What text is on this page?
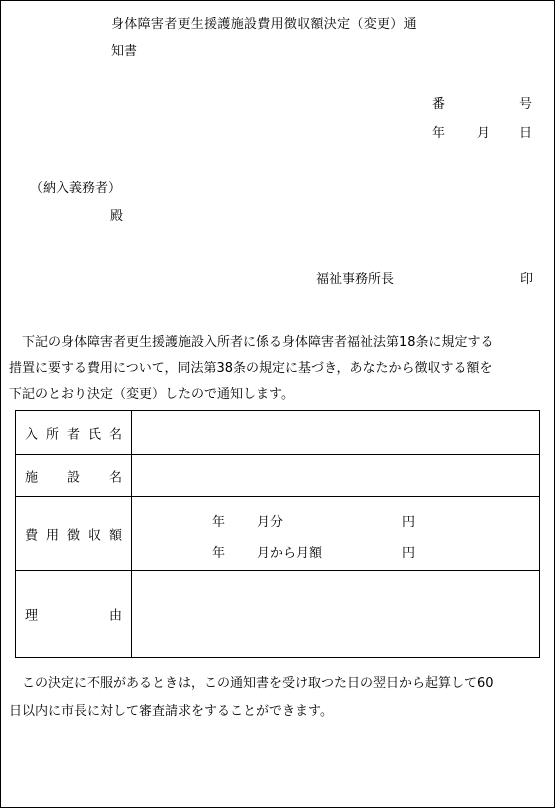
身体障害者更生援護施設費用徴収額決定（変更）通
知書
番	号
年 月 日
（納入義務者）
殿
福祉事務所長	印
　下記の身体障害者更生援護施設入所者に係る身体障害者福祉法第18条に規定する
措置に要する費用について，同法第38条の規定に基づき，あなたから徴収する額を
下記のとおり決定（変更）したので通知します。
入 所 者 氏 名
施 設 名
費 用 徴 収 額
年 月分	円
年 月から月額	円
理	由
　この決定に不服があるときは，この通知書を受け取つた日の翌日から起算して60
日以内に市長に対して審査請求をすることができます。
